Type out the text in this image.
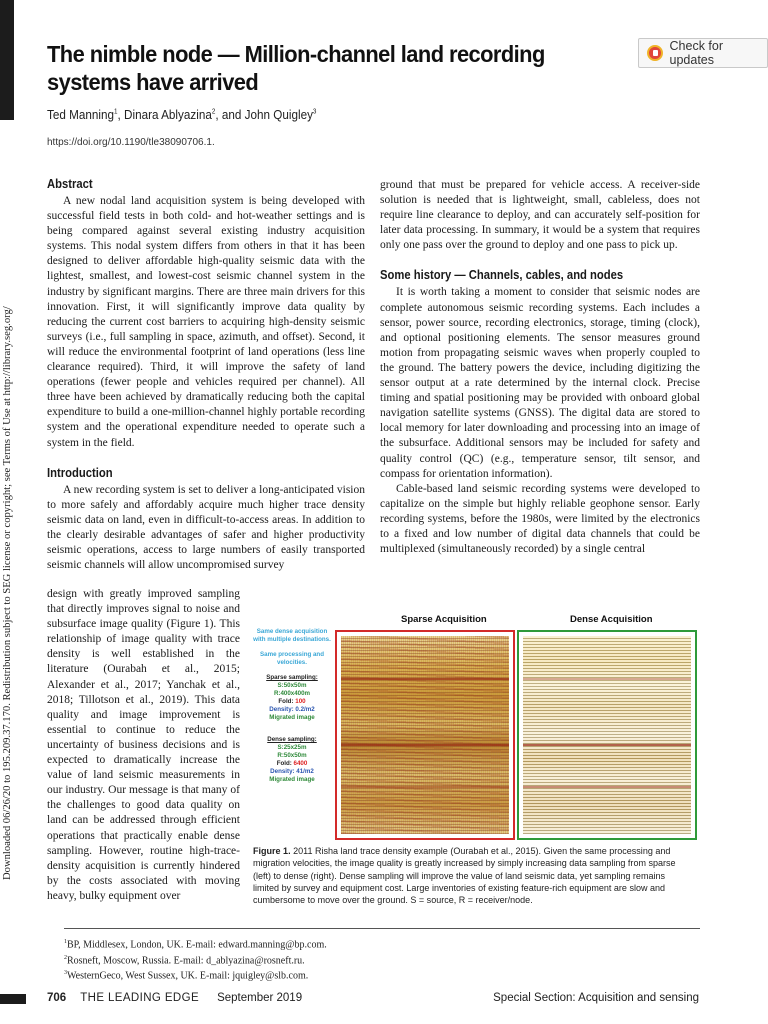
Downloaded 06/26/20 to 195.209.37.170. Redistribution subject to SEG license or copyright; see Terms of Use at http://library.seg.org/
Check for updates
The nimble node — Million-channel land recording systems have arrived
Ted Manning$^1$, Dinara Ablyazina$^2$, and John Quigley$^3$
https://doi.org/10.1190/tle38090706.1.
Abstract

A new nodal land acquisition system is being developed with successful field tests in both cold- and hot-weather settings and is being compared against several existing industry acquisition systems. This nodal system differs from others in that it has been designed to deliver affordable high-quality seismic data with the lightest, smallest, and lowest-cost seismic channel system in the industry by significant margins. There are three main drivers for this innovation. First, it will significantly improve data quality by reducing the current cost barriers to acquiring high-density seismic surveys (i.e., full sampling in space, azimuth, and offset). Second, it will reduce the environmental footprint of land operations (less line clearance required). Third, it will improve the safety of land operations (fewer people and vehicles required per channel). All three have been achieved by dramatically reducing both the capital expenditure to build a one-million-channel highly portable recording system and the operational expenditure needed to operate such a system in the field.

Introduction

A new recording system is set to deliver a long-anticipated vision to more safely and affordably acquire much higher trace density seismic data on land, even in difficult-to-access areas. In addition to the clearly desirable advantages of safer and higher productivity seismic operations, access to large numbers of easily transported seismic channels will allow uncompromised survey

design with greatly improved sampling that directly improves signal to noise and subsurface image quality (Figure 1). This relationship of image quality with trace density is well established in the literature (Ourabah et al., 2015; Alexander et al., 2017; Yanchak et al., 2018; Tillotson et al., 2019). This data quality and image improvement is essential to continue to reduce the uncertainty of business decisions and is expected to dramatically increase the value of land seismic measurements in our industry. Our message is that many of the challenges to good data quality on land can be addressed through efficient operations that practically enable dense sampling. However, routine high-trace-density acquisition is currently hindered by the costs associated with moving heavy, bulky equipment over

ground that must be prepared for vehicle access. A receiver-side solution is needed that is lightweight, small, cableless, does not require line clearance to deploy, and can accurately self-position for later data processing. In summary, it would be a system that requires only one pass over the ground to deploy and one pass to pick up.

Some history — Channels, cables, and nodes

It is worth taking a moment to consider that seismic nodes are complete autonomous seismic recording systems. Each includes a sensor, power source, recording electronics, storage, timing (clock), and optional positioning elements. The sensor measures ground motion from propagating seismic waves when properly coupled to the ground. The battery powers the device, including digitizing the sensor output at a rate determined by the internal clock. Precise timing and spatial positioning may be provided with onboard global navigation satellite systems (GNSS). The digital data are stored to local memory for later downloading and processing into an image of the subsurface. Additional sensors may be included for safety and quality control (QC) (e.g., temperature sensor, tilt sensor, and compass for orientation information).

Cable-based land seismic recording systems were developed to capitalize on the simple but highly reliable geophone sensor. Early recording systems, before the 1980s, were limited by the electronics to a fixed and low number of digital data channels that could be multiplexed (simultaneously recorded) by a single central

Sparse Acquisition	Dense Acquisition
Same dense acquisition with multiple destinations.
Same processing and velocities.
Sparse sampling:
S:50x50m
R:400x400m
Fold: 100
Density: 0.2/m2
Migrated image
Dense sampling:
S:25x25m
R:50x50m
Fold: 6400
Density: 41/m2
Migrated image
Figure 1. 2011 Risha land trace density example (Ourabah et al., 2015). Given the same processing and migration velocities, the image quality is greatly increased by simply increasing data sampling from sparse (left) to dense (right). Dense sampling will improve the value of land seismic data, yet sampling remains limited by survey and equipment cost. Large inventories of existing feature-rich equipment are slow and cumbersome to move over the ground. S = source, R = receiver/node.
$^1$BP, Middlesex, London, UK. E-mail: edward.manning@bp.com.
$^2$Rosneft, Moscow, Russia. E-mail: d_ablyazina@rosneft.ru.
$^3$WesternGeco, West Sussex, UK. E-mail: jquigley@slb.com.
706 THE LEADING EDGE September 2019	Special Section: Acquisition and sensing
